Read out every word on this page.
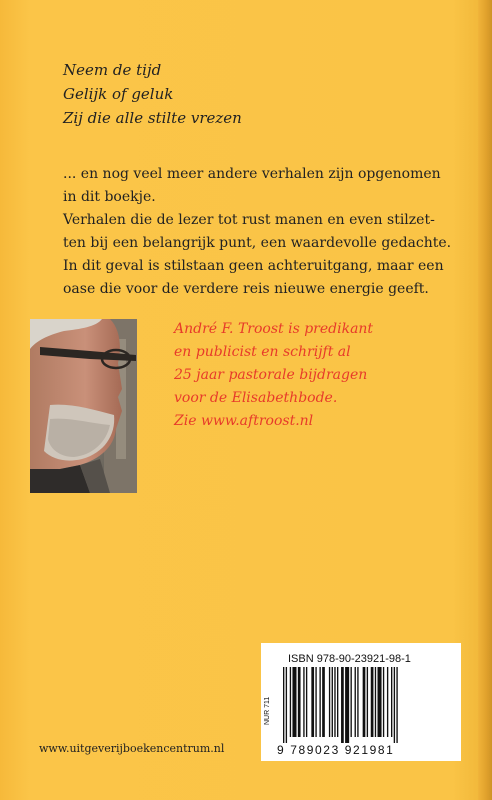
Neem de tijd
Gelijk of geluk
Zij die alle stilte vrezen
... en nog veel meer andere verhalen zijn opgenomen
in dit boekje.
Verhalen die de lezer tot rust manen en even stilzet-
ten bij een belangrijk punt, een waardevolle gedachte.
In dit geval is stilstaan geen achteruitgang, maar een
oase die voor de verdere reis nieuwe energie geeft.
André F. Troost is predikant
en publicist en schrijft al
25 jaar pastorale bijdragen
voor de Elisabethbode.
Zie www.aftroost.nl
ISBN 978-90-23921-98-1
NUR 711
9 789023 921981
www.uitgeverijboekencentrum.nl
